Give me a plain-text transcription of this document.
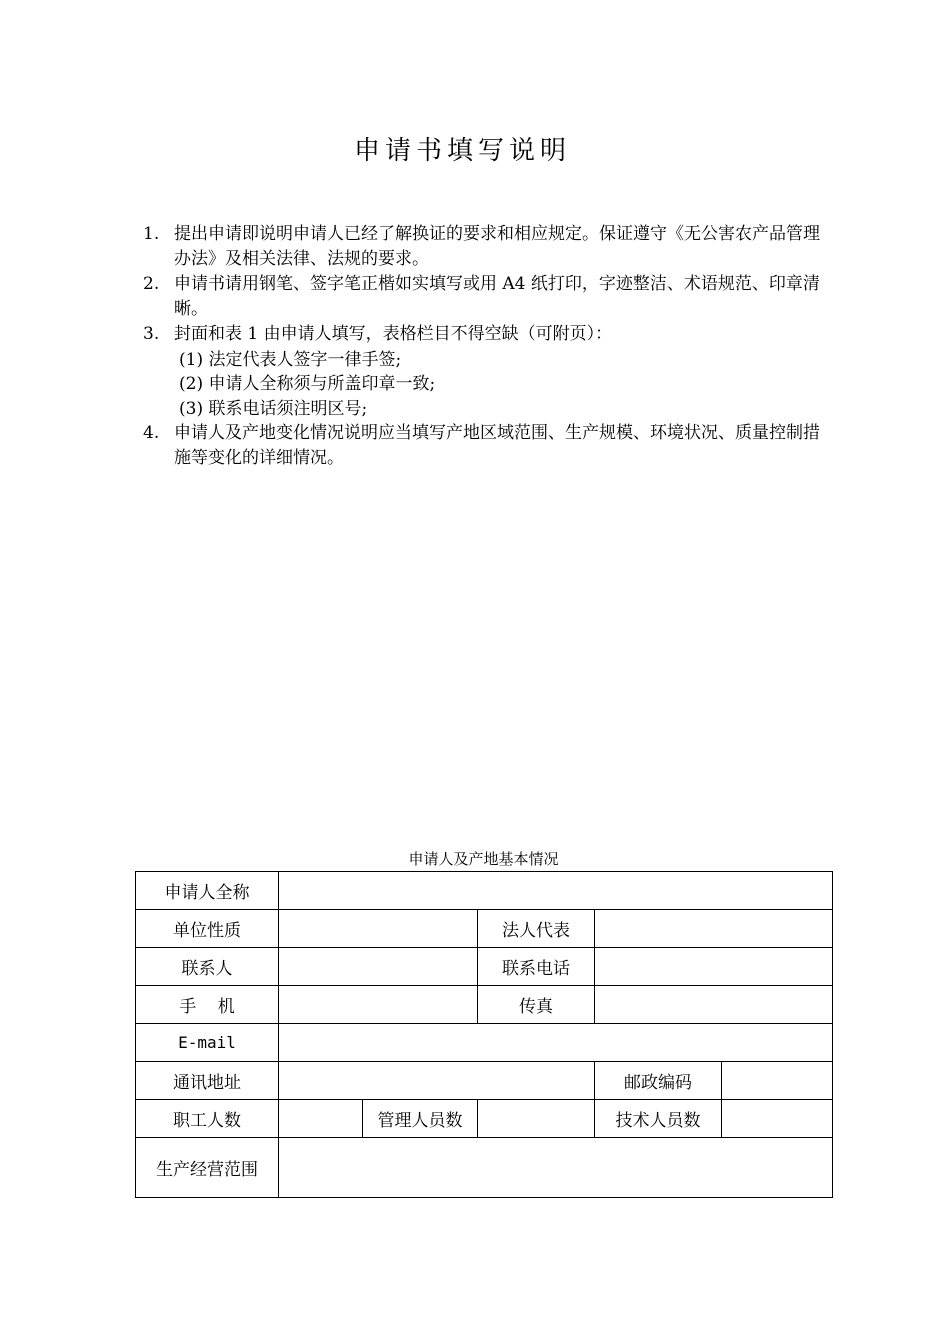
申请书填写说明
1. 提出申请即说明申请人已经了解换证的要求和相应规定。保证遵守《无公害农产品管理办法》及相关法律、法规的要求。
2. 申请书请用钢笔、签字笔正楷如实填写或用 A4 纸打印，字迹整洁、术语规范、印章清晰。
3. 封面和表 1 由申请人填写，表格栏目不得空缺（可附页）：
(1) 法定代表人签字一律手签;
(2) 申请人全称须与所盖印章一致;
(3) 联系电话须注明区号;
4. 申请人及产地变化情况说明应当填写产地区域范围、生产规模、环境状况、质量控制措施等变化的详细情况。
申请人及产地基本情况
申请人全称					
单位性质			法人代表		
联系人			联系电话		
手    机			传真		
E-mail					
通讯地址				邮政编码	
职工人数		管理人员数		技术人员数	
生产经营范围					
